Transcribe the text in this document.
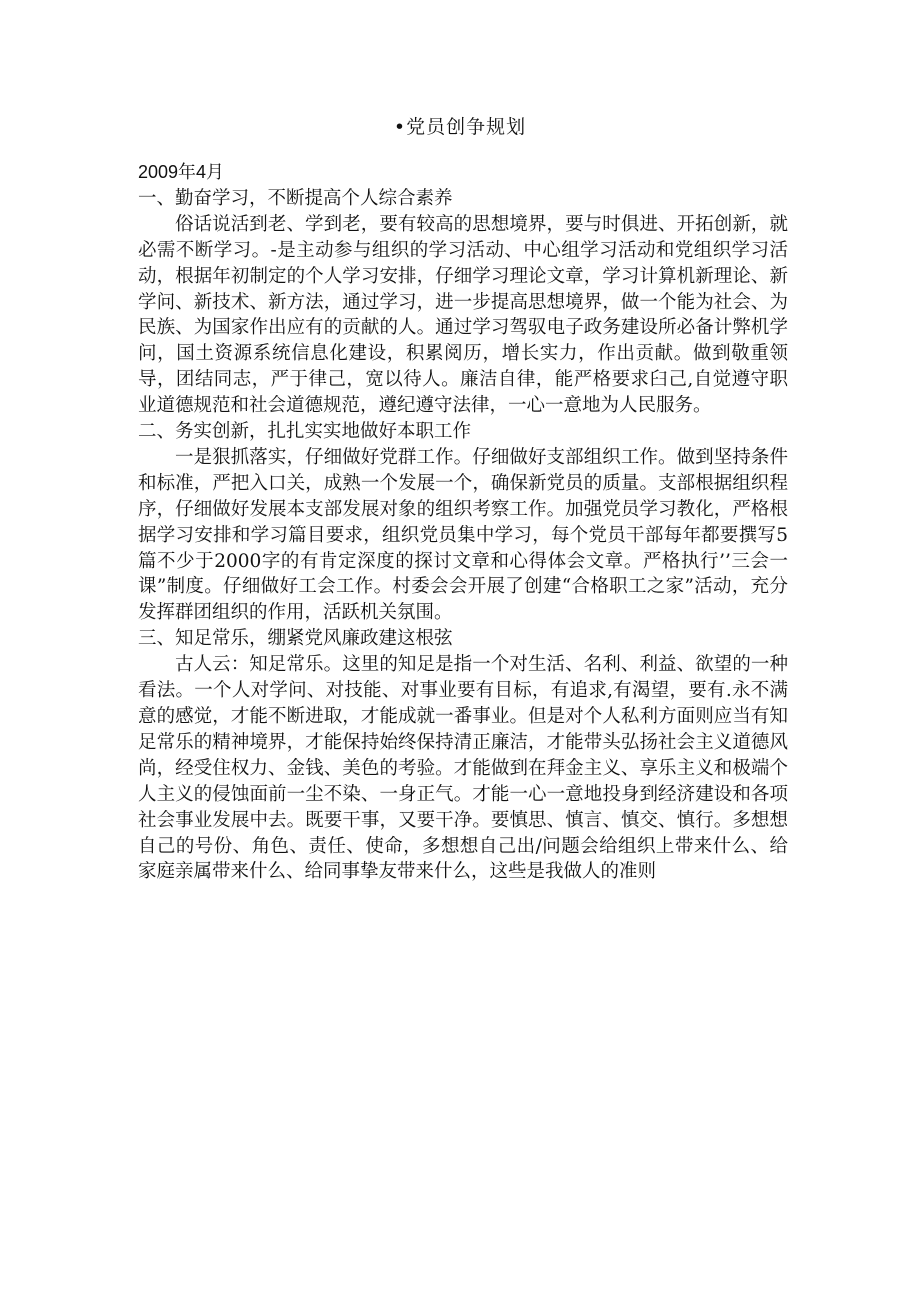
•党员创争规划
2009年4月
一、勤奋学习，不断提高个人综合素养

俗话说活到老、学到老，要有较高的思想境界，要与时俱进、开拓创新，就必需不断学习。-是主动参与组织的学习活动、中心组学习活动和党组织学习活动，根据年初制定的个人学习安排，仔细学习理论文章，学习计算机新理论、新学问、新技术、新方法，通过学习，进一步提高思想境界，做一个能为社会、为民族、为国家作出应有的贡献的人。通过学习驾驭电子政务建设所必备计弊机学问，国土资源系统信息化建设，积累阅历，增长实力，作出贡献。做到敬重领导，团结同志，严于律己，宽以待人。廉洁自律，能严格要求臼己,自觉遵守职业道德规范和社会道德规范，遵纪遵守法律，一心一意地为人民服务。

二、务实创新，扎扎实实地做好本职工作

一是狠抓落实，仔细做好党群工作。仔细做好支部组织工作。做到坚持条件和标准，严把入口关，成熟一个发展一个，确保新党员的质量。支部根据组织程序，仔细做好发展本支部发展对象的组织考察工作。加强党员学习教化，严格根据学习安排和学习篇目要求，组织党员集中学习，每个党员干部每年都要撰写5篇不少于2000字的有肯定深度的探讨文章和心得体会文章。严格执行’’三会一课”制度。仔细做好工会工作。村委会会开展了创建“合格职工之家”活动，充分发挥群团组织的作用，活跃机关氛围。

三、知足常乐，绷紧党风廉政建这根弦

古人云：知足常乐。这里的知足是指一个对生活、名利、利益、欲望的一种看法。一个人对学问、对技能、对事业要有目标，有追求,有渴望，要有.永不满意的感觉，才能不断进取，才能成就一番事业。但是对个人私利方面则应当有知足常乐的精神境界，才能保持始终保持清正廉洁，才能带头弘扬社会主义道德风尚，经受住权力、金钱、美色的考验。才能做到在拜金主义、享乐主义和极端个人主义的侵蚀面前一尘不染、一身正气。才能一心一意地投身到经济建设和各项社会事业发展中去。既要干事，又要干净。要慎思、慎言、慎交、慎行。多想想自己的号份、角色、责任、使命，多想想自己出/问题会给组织上带来什么、给家庭亲属带来什么、给同事挚友带来什么，这些是我做人的准则
